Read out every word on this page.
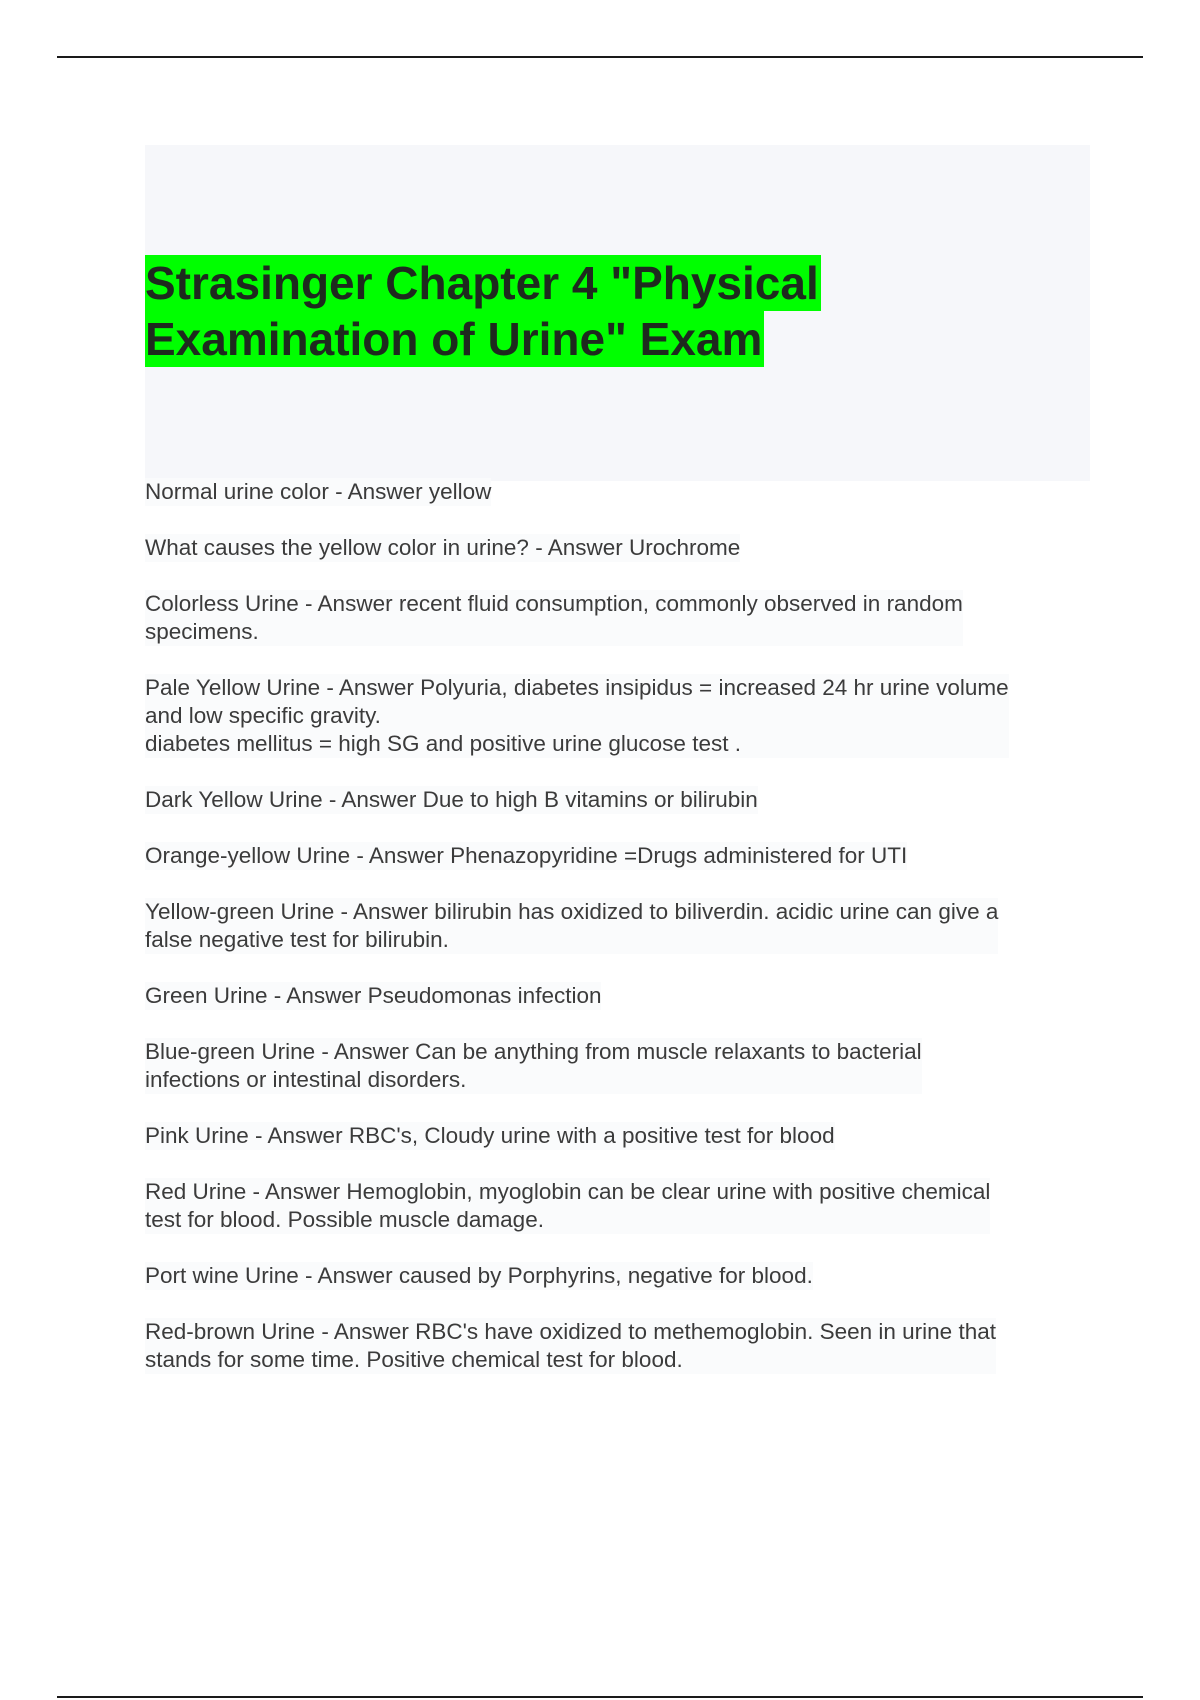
Strasinger Chapter 4 "Physical
Examination of Urine" Exam
Normal urine color - Answer yellow
What causes the yellow color in urine? - Answer Urochrome
Colorless Urine - Answer recent fluid consumption, commonly observed in random
specimens.
Pale Yellow Urine - Answer Polyuria, diabetes insipidus = increased 24 hr urine volume
and low specific gravity.
diabetes mellitus = high SG and positive urine glucose test .
Dark Yellow Urine - Answer Due to high B vitamins or bilirubin
Orange-yellow Urine - Answer Phenazopyridine =Drugs administered for UTI
Yellow-green Urine - Answer bilirubin has oxidized to biliverdin. acidic urine can give a
false negative test for bilirubin.
Green Urine - Answer Pseudomonas infection
Blue-green Urine - Answer Can be anything from muscle relaxants to bacterial
infections or intestinal disorders.
Pink Urine - Answer RBC's, Cloudy urine with a positive test for blood
Red Urine - Answer Hemoglobin, myoglobin can be clear urine with positive chemical
test for blood. Possible muscle damage.
Port wine Urine - Answer caused by Porphyrins, negative for blood.
Red-brown Urine - Answer RBC's have oxidized to methemoglobin. Seen in urine that
stands for some time. Positive chemical test for blood.
